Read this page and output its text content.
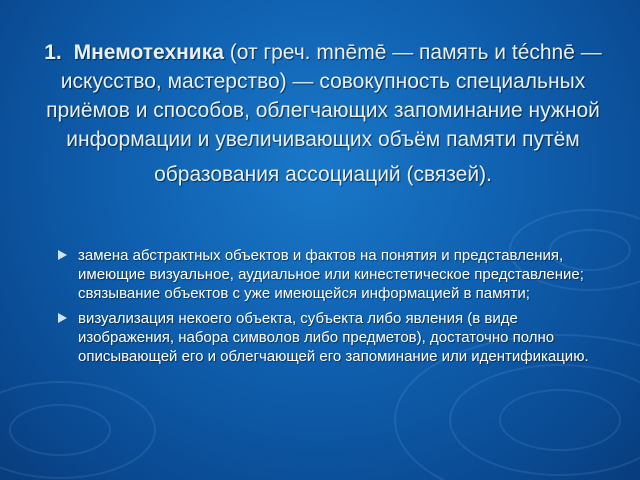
1. Мнемотехника (от греч. mnēmē — память и téchnē — искусство, мастерство) — совокупность специальных приёмов и способов, облегчающих запоминание нужной информации и увеличивающих объём памяти путём
образования ассоциаций (связей).
замена абстрактных объектов и фактов на понятия и представления, имеющие визуальное, аудиальное или кинестетическое представление; связывание объектов с уже имеющейся информацией в памяти;
визуализация некоего объекта, субъекта либо явления (в виде изображения, набора символов либо предметов), достаточно полно описывающей его и облегчающей его запоминание или идентификацию.
